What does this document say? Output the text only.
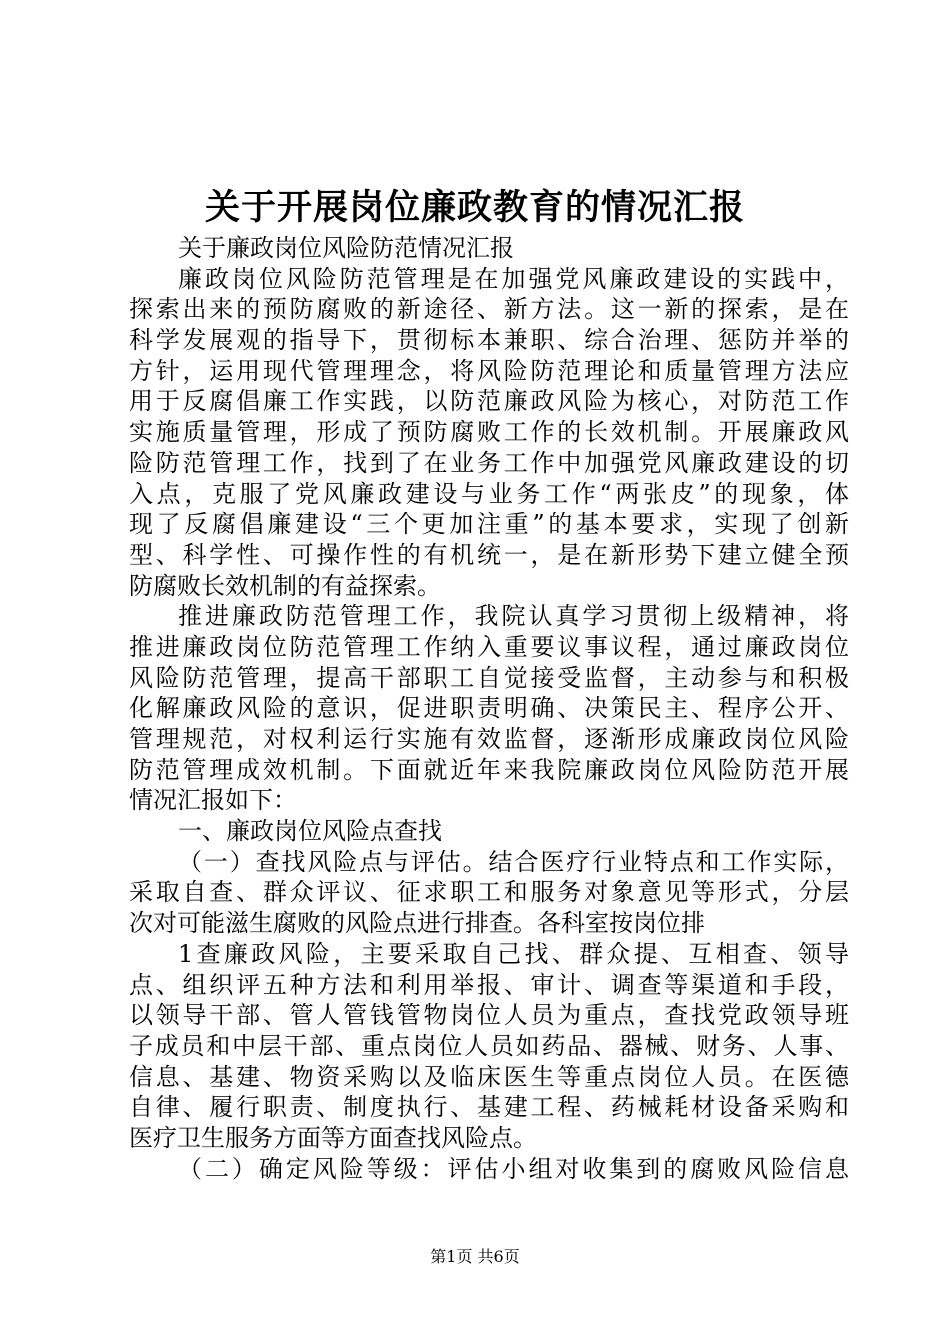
关于开展岗位廉政教育的情况汇报
关于廉政岗位风险防范情况汇报
廉政岗位风险防范管理是在加强党风廉政建设的实践中，
探索出来的预防腐败的新途径、新方法。这一新的探索，是在
科学发展观的指导下，贯彻标本兼职、综合治理、惩防并举的
方针，运用现代管理理念，将风险防范理论和质量管理方法应
用于反腐倡廉工作实践，以防范廉政风险为核心，对防范工作
实施质量管理，形成了预防腐败工作的长效机制。开展廉政风
险防范管理工作，找到了在业务工作中加强党风廉政建设的切
入点，克服了党风廉政建设与业务工作“两张皮”的现象，体
现了反腐倡廉建设“三个更加注重”的基本要求，实现了创新
型、科学性、可操作性的有机统一，是在新形势下建立健全预
防腐败长效机制的有益探索。
推进廉政防范管理工作，我院认真学习贯彻上级精神，将
推进廉政岗位防范管理工作纳入重要议事议程，通过廉政岗位
风险防范管理，提高干部职工自觉接受监督，主动参与和积极
化解廉政风险的意识，促进职责明确、决策民主、程序公开、
管理规范，对权利运行实施有效监督，逐渐形成廉政岗位风险
防范管理成效机制。下面就近年来我院廉政岗位风险防范开展
情况汇报如下：
一、廉政岗位风险点查找
（一）查找风险点与评估。结合医疗行业特点和工作实际，
采取自查、群众评议、征求职工和服务对象意见等形式，分层
次对可能滋生腐败的风险点进行排查。各科室按岗位排
1查廉政风险，主要采取自己找、群众提、互相查、领导
点、组织评五种方法和利用举报、审计、调查等渠道和手段，
以领导干部、管人管钱管物岗位人员为重点，查找党政领导班
子成员和中层干部、重点岗位人员如药品、器械、财务、人事、
信息、基建、物资采购以及临床医生等重点岗位人员。在医德
自律、履行职责、制度执行、基建工程、药械耗材设备采购和
医疗卫生服务方面等方面查找风险点。
（二）确定风险等级：评估小组对收集到的腐败风险信息
第1页 共6页
